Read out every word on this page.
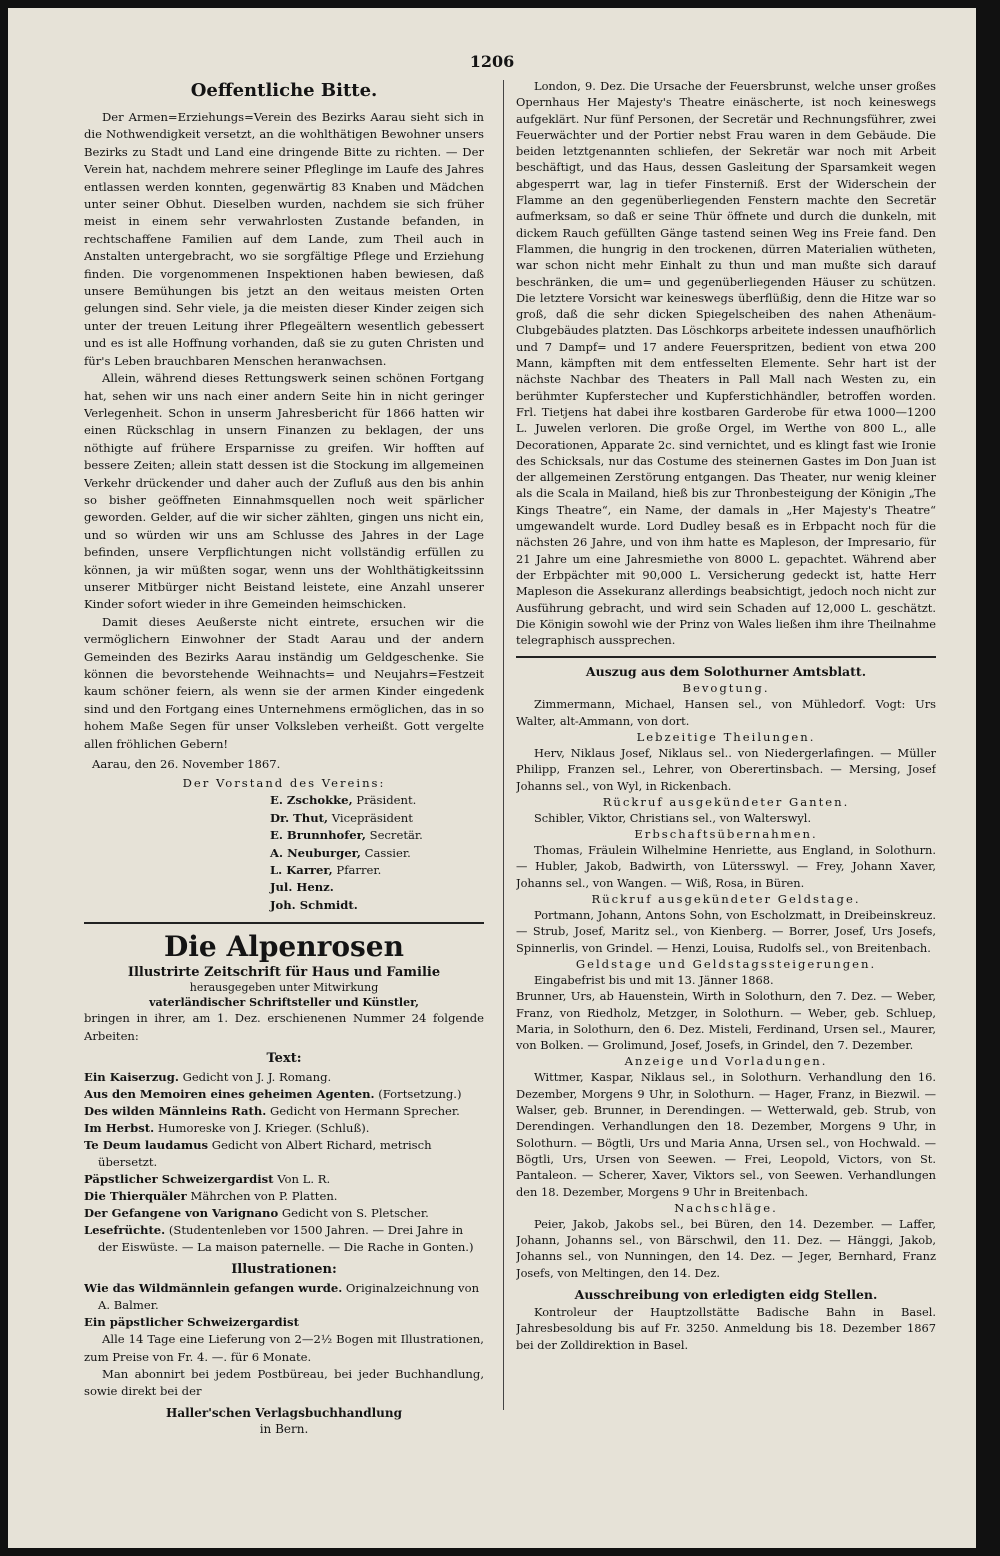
1206
Oeffentliche Bitte.

Der Armen=Erziehungs=Verein des Bezirks Aarau sieht sich in die Nothwendigkeit versetzt, an die wohlthätigen Bewohner unsers Bezirks zu Stadt und Land eine dringende Bitte zu richten. — Der Verein hat, nachdem mehrere seiner Pfleglinge im Laufe des Jahres entlassen werden konnten, gegenwärtig 83 Knaben und Mädchen unter seiner Obhut. Dieselben wurden, nachdem sie sich früher meist in einem sehr verwahrlosten Zustande befanden, in rechtschaffene Familien auf dem Lande, zum Theil auch in Anstalten untergebracht, wo sie sorgfältige Pflege und Erziehung finden. Die vorgenommenen Inspektionen haben bewiesen, daß unsere Bemühungen bis jetzt an den weitaus meisten Orten gelungen sind. Sehr viele, ja die meisten dieser Kinder zeigen sich unter der treuen Leitung ihrer Pflegeältern wesentlich gebessert und es ist alle Hoffnung vorhanden, daß sie zu guten Christen und für's Leben brauchbaren Menschen heranwachsen.

Allein, während dieses Rettungswerk seinen schönen Fortgang hat, sehen wir uns nach einer andern Seite hin in nicht geringer Verlegenheit. Schon in unserm Jahresbericht für 1866 hatten wir einen Rückschlag in unsern Finanzen zu beklagen, der uns nöthigte auf früherе Ersparnisse zu greifen. Wir hofften auf bessere Zeiten; allein statt dessen ist die Stockung im allgemeinen Verkehr drückender und daher auch der Zufluß aus den bis anhin so bisher geöffneten Einnahmsquellen noch weit spärlicher geworden. Gelder, auf die wir sicher zählten, gingen uns nicht ein, und so würden wir uns am Schlusse des Jahres in der Lage befinden, unsere Verpflichtungen nicht vollständig erfüllen zu können, ja wir müßten sogar, wenn uns der Wohlthätigkeitssinn unserer Mitbürger nicht Beistand leistete, eine Anzahl unserer Kinder sofort wieder in ihre Gemeinden heimschicken.

Damit dieses Aeußerste nicht eintrete, ersuchen wir die vermöglichern Einwohner der Stadt Aarau und der andern Gemeinden des Bezirks Aarau inständig um Geldgeschenke. Sie können die bevorstehende Weihnachts= und Neujahrs=Festzeit kaum schöner feiern, als wenn sie der armen Kinder eingedenk sind und den Fortgang eines Unternehmens ermöglichen, das in so hohem Maße Segen für unser Volksleben verheißt. Gott vergelte allen fröhlichen Gebern!

Aarau, den 26. November 1867.
Der Vorstand des Vereins:
E. Zschokke, Präsident.
Dr. Thut, Vicepräsident
E. Brunnhofer, Secretär.
A. Neuburger, Cassier.
L. Karrer, Pfarrer.
Jul. Henz.
Joh. Schmidt.
Die Alpenrosen
Illustrirte Zeitschrift für Haus und Familie
herausgegeben unter Mitwirkung
vaterländischer Schriftsteller und Künstler,

bringen in ihrer, am 1. Dez. erschienenen Nummer 24 folgende Arbeiten:

Text:
Ein Kaiserzug. Gedicht von J. J. Romang.
Aus den Memoiren eines geheimen Agenten. (Fortsetzung.)
Des wilden Männleins Rath. Gedicht von Hermann Sprecher.
Im Herbst. Humoreske von J. Krieger. (Schluß).
Te Deum laudamus Gedicht von Albert Richard, metrisch übersetzt.
Päpstlicher Schweizergardist Von L. R.
Die Thierquäler Mährchen von P. Platten.
Der Gefangene von Varignano Gedicht von S. Pletscher.
Lesefrüchte. (Studentenleben vor 1500 Jahren. — Drei Jahre in der Eiswüste. — La maison paternelle. — Die Rache in Gonten.)
Illustrationen:
Wie das Wildmännlein gefangen wurde. Originalzeichnung von A. Balmer.
Ein päpstlicher Schweizergardist

Alle 14 Tage eine Lieferung von 2—2½ Bogen mit Illustrationen, zum Preise von Fr. 4. —. für 6 Monate.

Man abonnirt bei jedem Postbüreau, bei jeder Buchhandlung, sowie direkt bei der

Haller'schen Verlagsbuchhandlung
in Bern.

London, 9. Dez. Die Ursache der Feuersbrunst, welche unser großes Opernhaus Her Majesty's Theatre einäscherte, ist noch keineswegs aufgeklärt. Nur fünf Personen, der Secretär und Rechnungsführer, zwei Feuerwächter und der Portier nebst Frau waren in dem Gebäude. Die beiden letztgenannten schliefen, der Sekretär war noch mit Arbeit beschäftigt, und das Haus, dessen Gasleitung der Sparsamkeit wegen abgesperrt war, lag in tiefer Finsterniß. Erst der Widerschein der Flamme an den gegenüberliegenden Fenstern machte den Secretär aufmerksam, so daß er seine Thür öffnete und durch die dunkeln, mit dickem Rauch gefüllten Gänge tastend seinen Weg ins Freie fand. Den Flammen, die hungrig in den trockenen, dürren Materialien wütheten, war schon nicht mehr Einhalt zu thun und man mußte sich darauf beschränken, die um= und gegenüberliegenden Häuser zu schützen. Die letztere Vorsicht war keineswegs überflüßig, denn die Hitze war so groß, daß die sehr dicken Spiegelscheiben des nahen Athenäum-Clubgebäudes platzten. Das Löschkorps arbeitete indessen unaufhörlich und 7 Dampf= und 17 andere Feuerspritzen, bedient von etwa 200 Mann, kämpften mit dem entfesselten Elemente. Sehr hart ist der nächste Nachbar des Theaters in Pall Mall nach Westen zu, ein berühmter Kupferstecher und Kupferstichhändler, betroffen worden. Frl. Tietjens hat dabei ihre kostbaren Garderobe für etwa 1000—1200 L. Juwelen verloren. Die große Orgel, im Werthe von 800 L., alle Decorationen, Apparate 2c. sind vernichtet, und es klingt fast wie Ironie des Schicksals, nur das Costume des steinernen Gastes im Don Juan ist der allgemeinen Zerstörung entgangen. Das Theater, nur wenig kleiner als die Scala in Mailand, hieß bis zur Thronbesteigung der Königin „The Kings Theatre“, ein Name, der damals in „Her Majesty's Theatre“ umgewandelt wurde. Lord Dudley besaß es in Erbpacht noch für die nächsten 26 Jahre, und von ihm hatte es Mapleson, der Impresario, für 21 Jahre um eine Jahresmiethe von 8000 L. gepachtet. Während aber der Erbpächter mit 90,000 L. Versicherung gedeckt ist, hatte Herr Mapleson die Assekuranz allerdings beabsichtigt, jedoch noch nicht zur Ausführung gebracht, und wird sein Schaden auf 12,000 L. geschätzt. Die Königin sowohl wie der Prinz von Wales ließen ihm ihre Theilnahme telegraphisch aussprechen.

Auszug aus dem Solothurner Amtsblatt.
Bevogtung.

Zimmermann, Michael, Hansen sel., von Mühledorf. Vogt: Urs Walter, alt-Ammann, von dort.

Lebzeitige Theilungen.

Herv, Niklaus Josef, Niklaus sel.. von Niedergerlafingen. — Müller Philipp, Franzen sel., Lehrer, von Oberertinsbach. — Mersing, Josef Johanns sel., von Wyl, in Rickenbach.

Rückruf ausgekündeter Ganten.

Schibler, Viktor, Christians sel., von Walterswyl.

Erbschaftsübernahmen.

Thomas, Fräulein Wilhelmine Henriette, aus England, in Solothurn. — Hubler, Jakob, Badwirth, von Lütersswyl. — Frey, Johann Xaver, Johanns sel., von Wangen. — Wiß, Rosa, in Büren.

Rückruf ausgekündeter Geldstage.

Portmann, Johann, Antons Sohn, von Escholzmatt, in Dreibeinskreuz. — Strub, Josef, Maritz sel., von Kienberg. — Borrer, Josef, Urs Josefs, Spinnerlis, von Grindel. — Henzi, Louisa, Rudolfs sel., von Breitenbach.

Geldstage und Geldstagssteigerungen.

Eingabefrist bis und mit 13. Jänner 1868.
Brunner, Urs, ab Hauenstein, Wirth in Solothurn, den 7. Dez. — Weber, Franz, von Riedholz, Metzger, in Solothurn. — Weber, geb. Schluep, Maria, in Solothurn, den 6. Dez. Misteli, Ferdinand, Ursen sel., Maurer, von Bolken. — Grolimund, Josef, Josefs, in Grindel, den 7. Dezember.

Anzeige und Vorladungen.

Wittmer, Kaspar, Niklaus sel., in Solothurn. Verhandlung den 16. Dezember, Morgens 9 Uhr, in Solothurn. — Hager, Franz, in Biezwil. — Walser, geb. Brunner, in Derendingen. — Wetterwald, geb. Strub, von Derendingen. Verhandlungen den 18. Dezember, Morgens 9 Uhr, in Solothurn. — Bögtli, Urs und Maria Anna, Ursen sel., von Hochwald. — Bögtli, Urs, Ursen von Seewen. — Frei, Leopold, Victors, von St. Pantaleon. — Scherer, Xaver, Viktors sel., von Seewen. Verhandlungen den 18. Dezember, Morgens 9 Uhr in Breitenbach.

Nachschläge.

Peier, Jakob, Jakobs sel., bei Büren, den 14. Dezember. — Laffer, Johann, Johanns sel., von Bärschwil, den 11. Dez. — Hänggi, Jakob, Johanns sel., von Nunningen, den 14. Dez. — Jeger, Bernhard, Franz Josefs, von Meltingen, den 14. Dez.

Ausschreibung von erledigten eidg Stellen.

Kontroleur der Hauptzollstätte Badische Bahn in Basel. Jahresbesoldung bis auf Fr. 3250. Anmeldung bis 18. Dezember 1867 bei der Zolldirektion in Basel.
